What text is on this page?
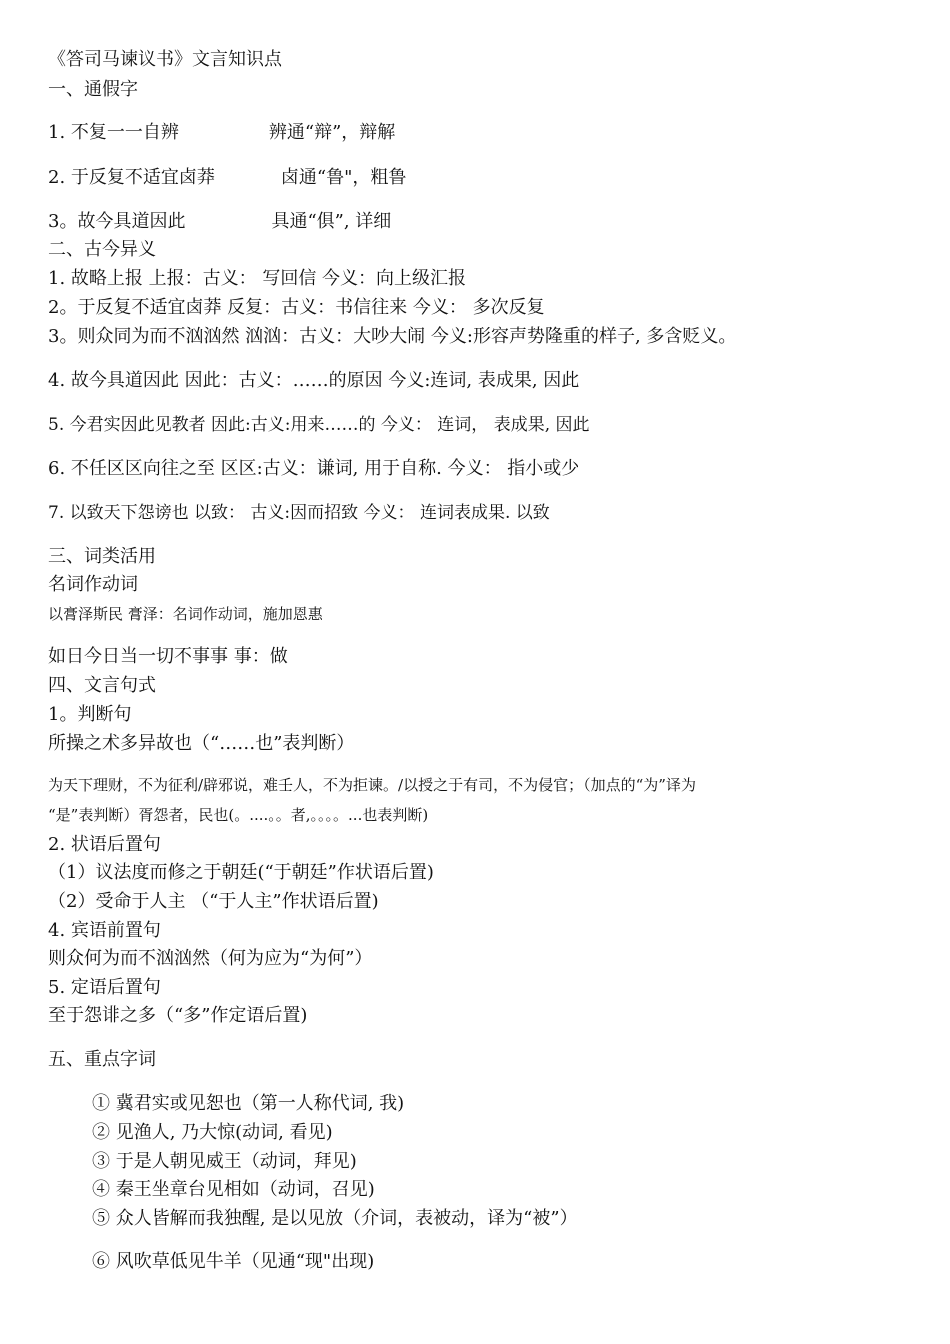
《答司马谏议书》文言知识点
一、通假字
1. 不复一一自辨	辨通“辩”，辩解
2. 于反复不适宜卤莽	卤通“鲁"，粗鲁
3。故今具道因此	具通“俱”, 详细
二、古今异义
1. 故略上报 上报：古义： 写回信 今义：向上级汇报
2。于反复不适宜卤莽 反复：古义：书信往来 今义： 多次反复
3。则众同为而不汹汹然 汹汹：古义：大吵大闹 今义:形容声势隆重的样子, 多含贬义。
4. 故今具道因此 因此：古义：……的原因 今义:连词, 表成果, 因此
5. 今君实因此见教者 因此:古义:用来……的 今义： 连词， 表成果, 因此
6. 不任区区向往之至 区区:古义：谦词, 用于自称. 今义： 指小或少
7. 以致天下怨谤也 以致： 古义:因而招致 今义： 连词表成果. 以致
三、词类活用
名词作动词
以膏泽斯民 膏泽：名词作动词，施加恩惠
如日今日当一切不事事 事：做
四、文言句式
1。判断句
所操之术多异故也（“……也”表判断）
为天下理财，不为征利/辟邪说，难壬人，不为拒谏。/以授之于有司，不为侵官；（加点的“为”译为
“是”表判断）胥怨者，民也(。....。。者,。。。。...也表判断)
2. 状语后置句
（1）议法度而修之于朝廷(“于朝廷”作状语后置)
（2）受命于人主 （“于人主”作状语后置)
4. 宾语前置句
则众何为而不汹汹然（何为应为“为何”）
5. 定语后置句
至于怨诽之多（“多”作定语后置)
五、重点字词
① 冀君实或见恕也（第一人称代词, 我)
② 见渔人, 乃大惊(动词, 看见)
③ 于是人朝见威王（动词，拜见)
④ 秦王坐章台见相如（动词，召见)
⑤ 众人皆解而我独醒, 是以见放（介词，表被动，译为“被”）
⑥ 风吹草低见牛羊（见通“现"出现)
